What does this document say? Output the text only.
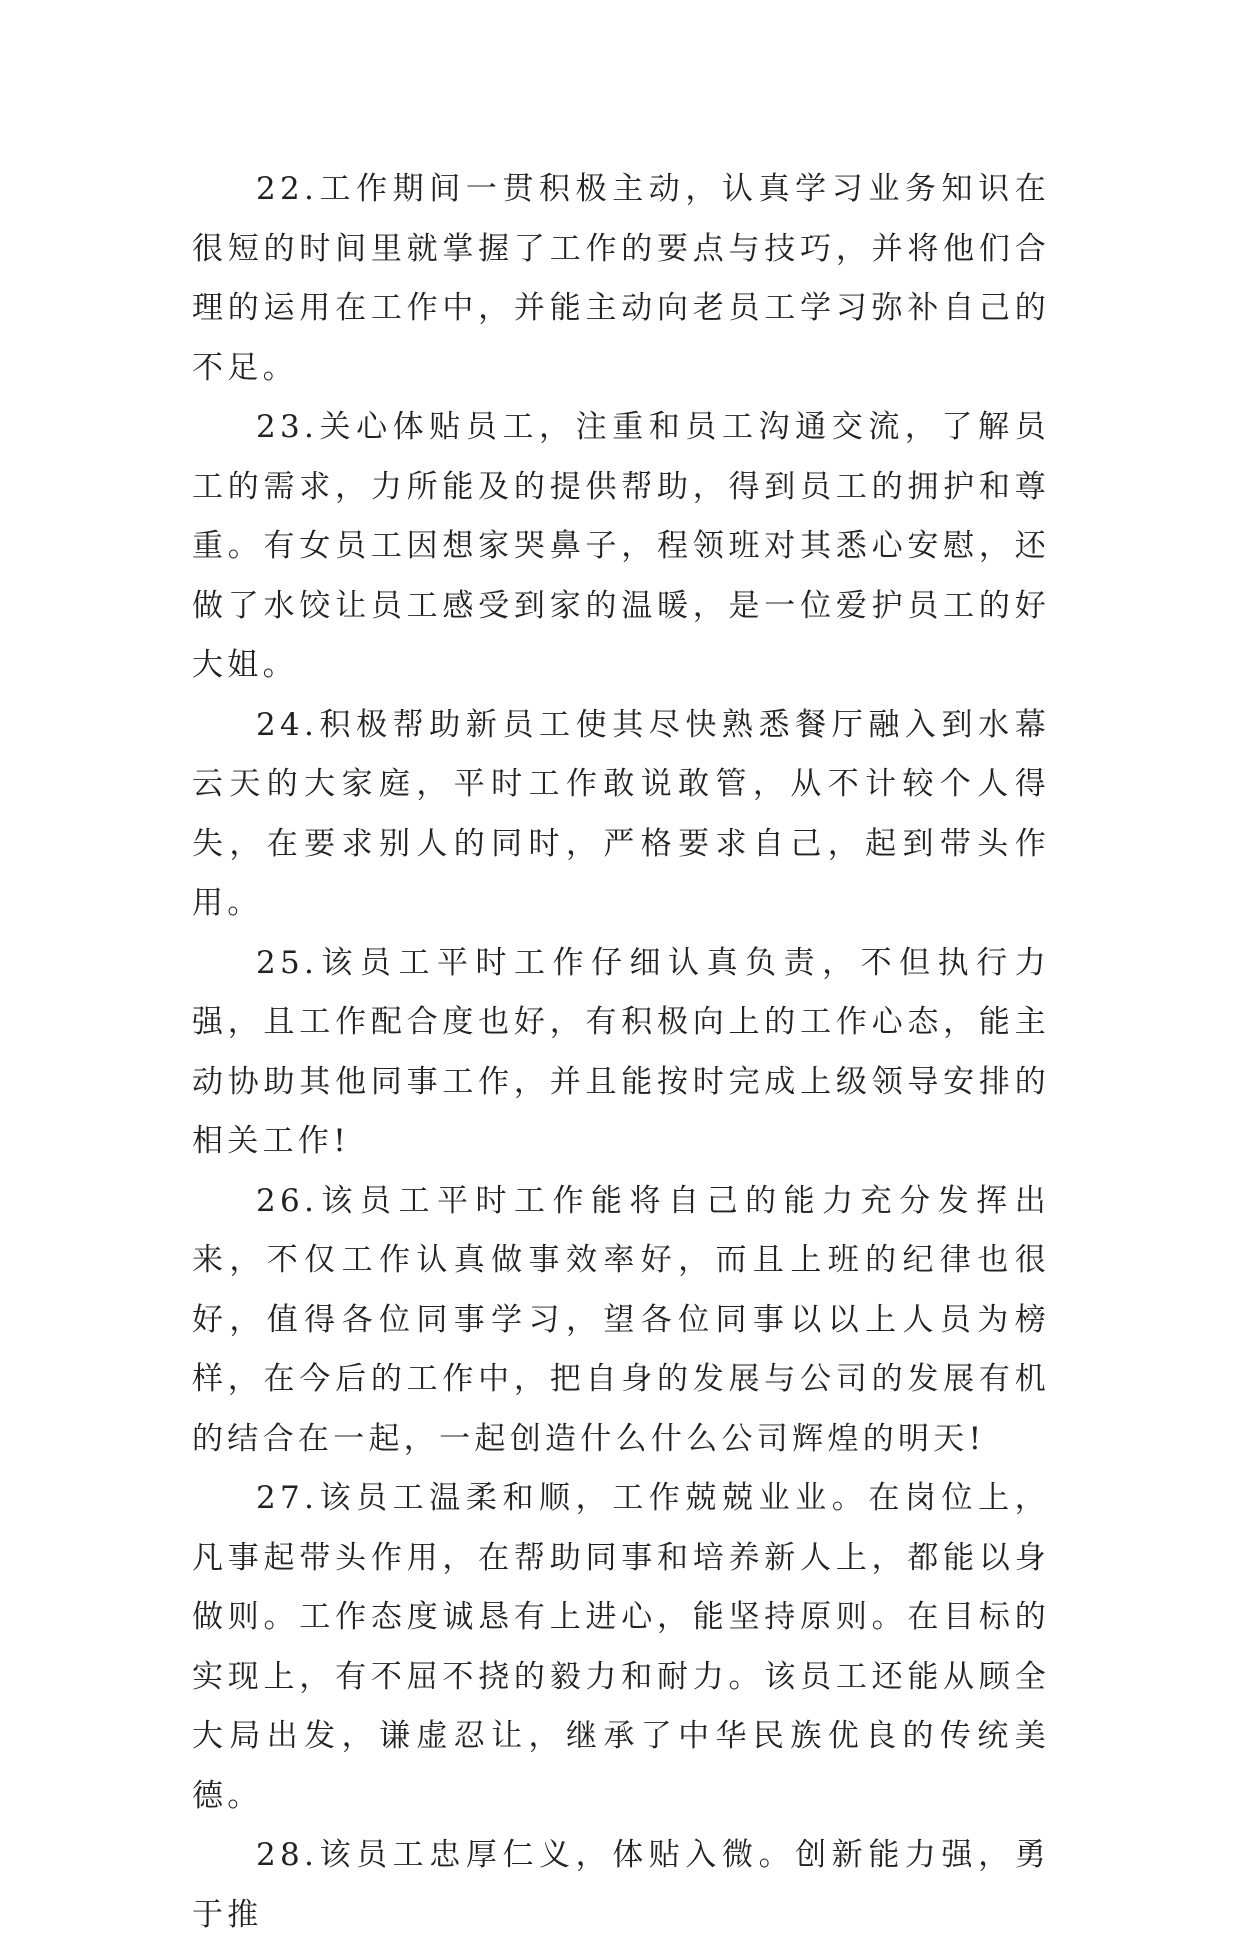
22.工作期间一贯积极主动，认真学习业务知识在很短的时间里就掌握了工作的要点与技巧，并将他们合理的运用在工作中，并能主动向老员工学习弥补自己的不足。

23.关心体贴员工，注重和员工沟通交流，了解员工的需求，力所能及的提供帮助，得到员工的拥护和尊重。有女员工因想家哭鼻子，程领班对其悉心安慰，还做了水饺让员工感受到家的温暖，是一位爱护员工的好大姐。

24.积极帮助新员工使其尽快熟悉餐厅融入到水幕云天的大家庭，平时工作敢说敢管，从不计较个人得失，在要求别人的同时，严格要求自己，起到带头作用。

25.该员工平时工作仔细认真负责，不但执行力强，且工作配合度也好，有积极向上的工作心态，能主动协助其他同事工作，并且能按时完成上级领导安排的相关工作!

26.该员工平时工作能将自己的能力充分发挥出来，不仅工作认真做事效率好，而且上班的纪律也很好，值得各位同事学习，望各位同事以以上人员为榜样，在今后的工作中，把自身的发展与公司的发展有机的结合在一起，一起创造什么什么公司辉煌的明天!

27.该员工温柔和顺，工作兢兢业业。在岗位上，凡事起带头作用，在帮助同事和培养新人上，都能以身做则。工作态度诚恳有上进心，能坚持原则。在目标的实现上，有不屈不挠的毅力和耐力。该员工还能从顾全大局出发，谦虚忍让，继承了中华民族优良的传统美德。

28.该员工忠厚仁义，体贴入微。创新能力强，勇于推
